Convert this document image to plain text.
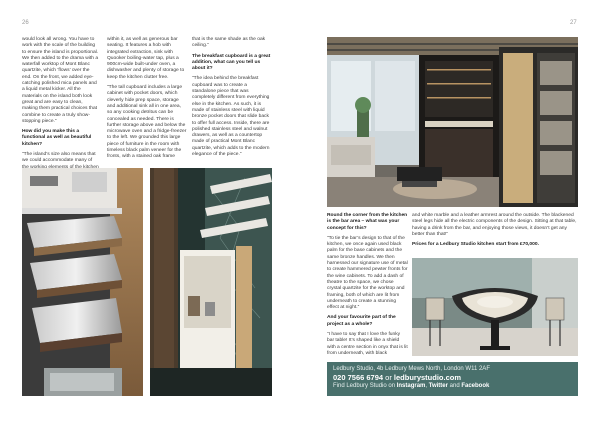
26

would look all wrong. You have to work with the scale of the building to ensure the island is proportional. We then added to the drama with a waterfall worktop of Mont Blanc quartzite, which ‘flows’ over the end. On the front, we added eye-catching polished mica panels and a liquid metal kicker. All the materials on the island both look great and are easy to clean, making them practical choices that combine to create a truly show-stopping piece.”

How did you make this a functional as well as beautiful kitchen?

“The island’s size also means that we could accommodate many of

within it, as well as generous bar seating. It features a hob with integrated extraction, sink with Quooker boiling-water tap, plus a 900cm-wide built-under oven, a dishwasher and plenty of storage to keep the kitchen clutter free.

“The tall cupboard includes a large cabinet with pocket doors, which cleverly hide prep space, storage and additional sink all in one area, so any cooking detritus can be concealed as needed. There is further storage above and below the microwave oven and a fridge-freezer to the left. We grounded this large piece of furniture in the room with timeless black palm veneer for the fronts, with a stained oak frame

that is the same shade as the oak ceiling.”

The breakfast cupboard is a great addition, what can you tell us about it?

“The idea behind the breakfast cupboard was to create a standalone piece that was completely different from everything else in the kitchen. As such, it is made of stainless steel with liquid bronze pocket doors that slide back to offer full access. Inside, there are polished stainless steel and walnut drawers, as well as a countertop made of practical Mont Blanc quartzite, which adds to the modern elegance of the piece.”

27

Round the corner from the kitchen is the bar area – what was your concept for this?

“To tie the bar’s design to that of the kitchen, we once again used black palm for the base cabinets and the same bronze handles. We then harnessed our signature use of metal to create hammered pewter fronts for the wine cabinets. To add a dash of theatre to the space, we chose crystal quartzite for the worktop and framing, both of which are lit from underneath to create a stunning effect at night.”

And your favourite part of the project as a whole?

“I have to say that I love the funky bar table! It’s shaped like a shield with a centre section in onyx that is lit from underneath, with black

and white marble and a leather armrest around the outside. The blackened steel legs hide all the electric components of the design. Sitting at that table, having a drink from the bar, and enjoying those views, it doesn’t get any better than that!”

Prices for a Ledbury Studio kitchen start from £70,000.

Ledbury Studio, 4b Ledbury Mews North, London W11 2AF
020 7566 6794 or ledburystudio.com
Find Ledbury Studio on Instagram, Twitter and Facebook
